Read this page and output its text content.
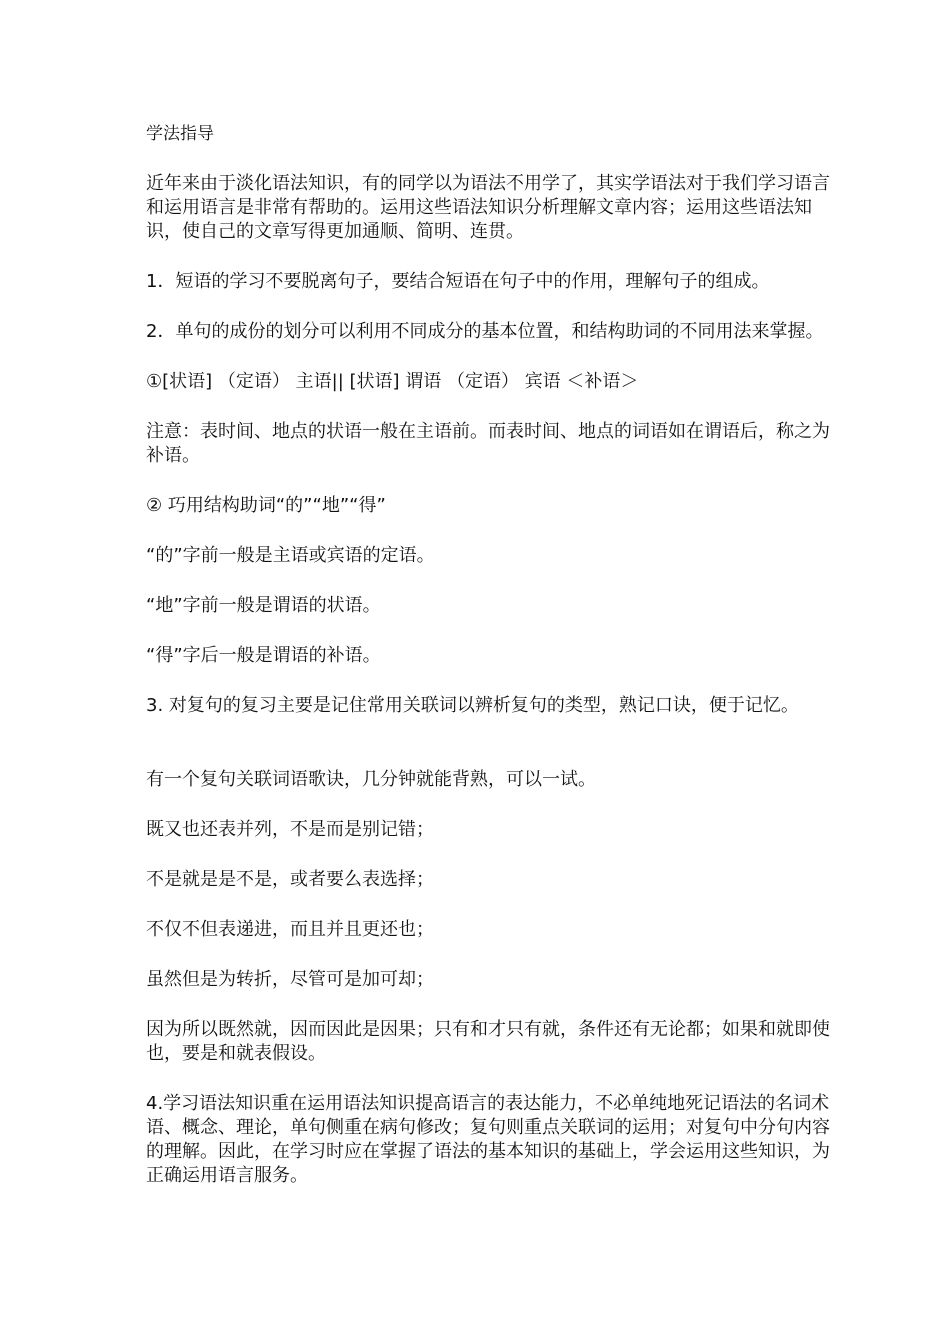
学法指导

近年来由于淡化语法知识，有的同学以为语法不用学了，其实学语法对于我们学习语言和运用语言是非常有帮助的。运用这些语法知识分析理解文章内容；运用这些语法知识，使自己的文章写得更加通顺、简明、连贯。

1．短语的学习不要脱离句子，要结合短语在句子中的作用，理解句子的组成。

2．单句的成份的划分可以利用不同成分的基本位置，和结构助词的不同用法来掌握。

①[状语] （定语） 主语|| [状语] 谓语 （定语） 宾语 ＜补语＞

注意：表时间、地点的状语一般在主语前。而表时间、地点的词语如在谓语后，称之为补语。

② 巧用结构助词“的”“地”“得”

“的”字前一般是主语或宾语的定语。

“地”字前一般是谓语的状语。

“得”字后一般是谓语的补语。

3. 对复句的复习主要是记住常用关联词以辨析复句的类型，熟记口诀，便于记忆。

有一个复句关联词语歌诀，几分钟就能背熟，可以一试。

既又也还表并列，不是而是别记错；

不是就是是不是，或者要么表选择；

不仅不但表递进，而且并且更还也；

虽然但是为转折，尽管可是加可却；

因为所以既然就，因而因此是因果；只有和才只有就，条件还有无论都；如果和就即使也，要是和就表假设。

4.学习语法知识重在运用语法知识提高语言的表达能力，不必单纯地死记语法的名词术语、概念、理论，单句侧重在病句修改；复句则重点关联词的运用；对复句中分句内容的理解。因此，在学习时应在掌握了语法的基本知识的基础上，学会运用这些知识，为正确运用语言服务。
